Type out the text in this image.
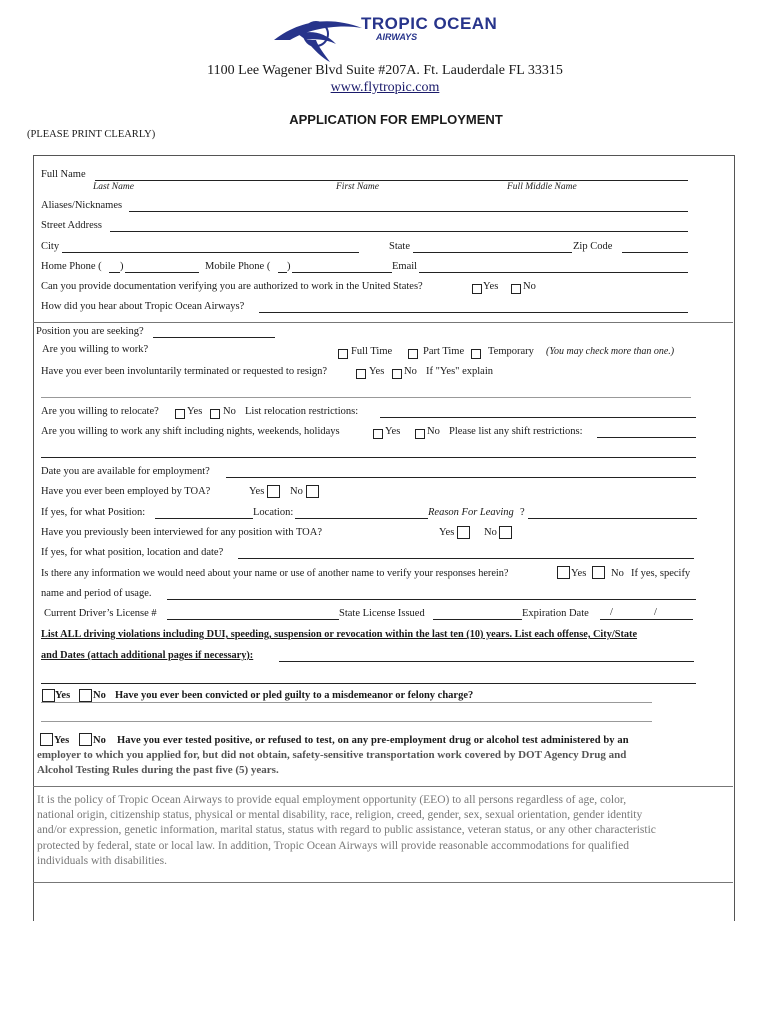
TROPIC OCEAN
AIRWAYS
1100 Lee Wagener Blvd Suite #207A. Ft. Lauderdale FL 33315
www.flytropic.com
APPLICATION FOR EMPLOYMENT
(PLEASE PRINT CLEARLY)
Full Name
Last Name	First Name	Full Middle Name
Aliases/Nicknames
Street Address
City	State	Zip Code
Home Phone ( )	Mobile Phone ( )	Email
Can you provide documentation verifying you are authorized to work in the United States?	Yes No
How did you hear about Tropic Ocean Airways?
Position you are seeking?
Are you willing to work?	Full Time	Part Time Temporary (You may check more than one.)
Have you ever been involuntarily terminated or requested to resign?	Yes No If "Yes" explain
Are you willing to relocate?	Yes No List relocation restrictions:
Are you willing to work any shift including nights, weekends, holidays	Yes	No Please list any shift restrictions:
Date you are available for employment?
Have you ever been employed by TOA?	Yes No
If yes, for what Position:	Location:	Reason For Leaving ?
Have you previously been interviewed for any position with TOA?	Yes	No
If yes, for what position, location and date?
Is there any information we would need about your name or use of another name to verify your responses herein?	Yes No If yes, specify
name and period of usage.
Current Driver’s License #	State License Issued	Expiration Date /	/
List ALL driving violations including DUI, speeding, suspension or revocation within the last ten (10) years. List each offense, City/State
and Dates (attach additional pages if necessary):
Yes No Have you ever been convicted or pled guilty to a misdemeanor or felony charge?
Yes No Have you ever tested positive, or refused to test, on any pre-employment drug or alcohol test administered by an
employer to which you applied for, but did not obtain, safety-sensitive transportation work covered by DOT Agency Drug and
Alcohol Testing Rules during the past five (5) years.
It is the policy of Tropic Ocean Airways to provide equal employment opportunity (EEO) to all persons regardless of age, color,
national origin, citizenship status, physical or mental disability, race, religion, creed, gender, sex, sexual orientation, gender identity
and/or expression, genetic information, marital status, status with regard to public assistance, veteran status, or any other characteristic
protected by federal, state or local law. In addition, Tropic Ocean Airways will provide reasonable accommodations for qualified
individuals with disabilities.
